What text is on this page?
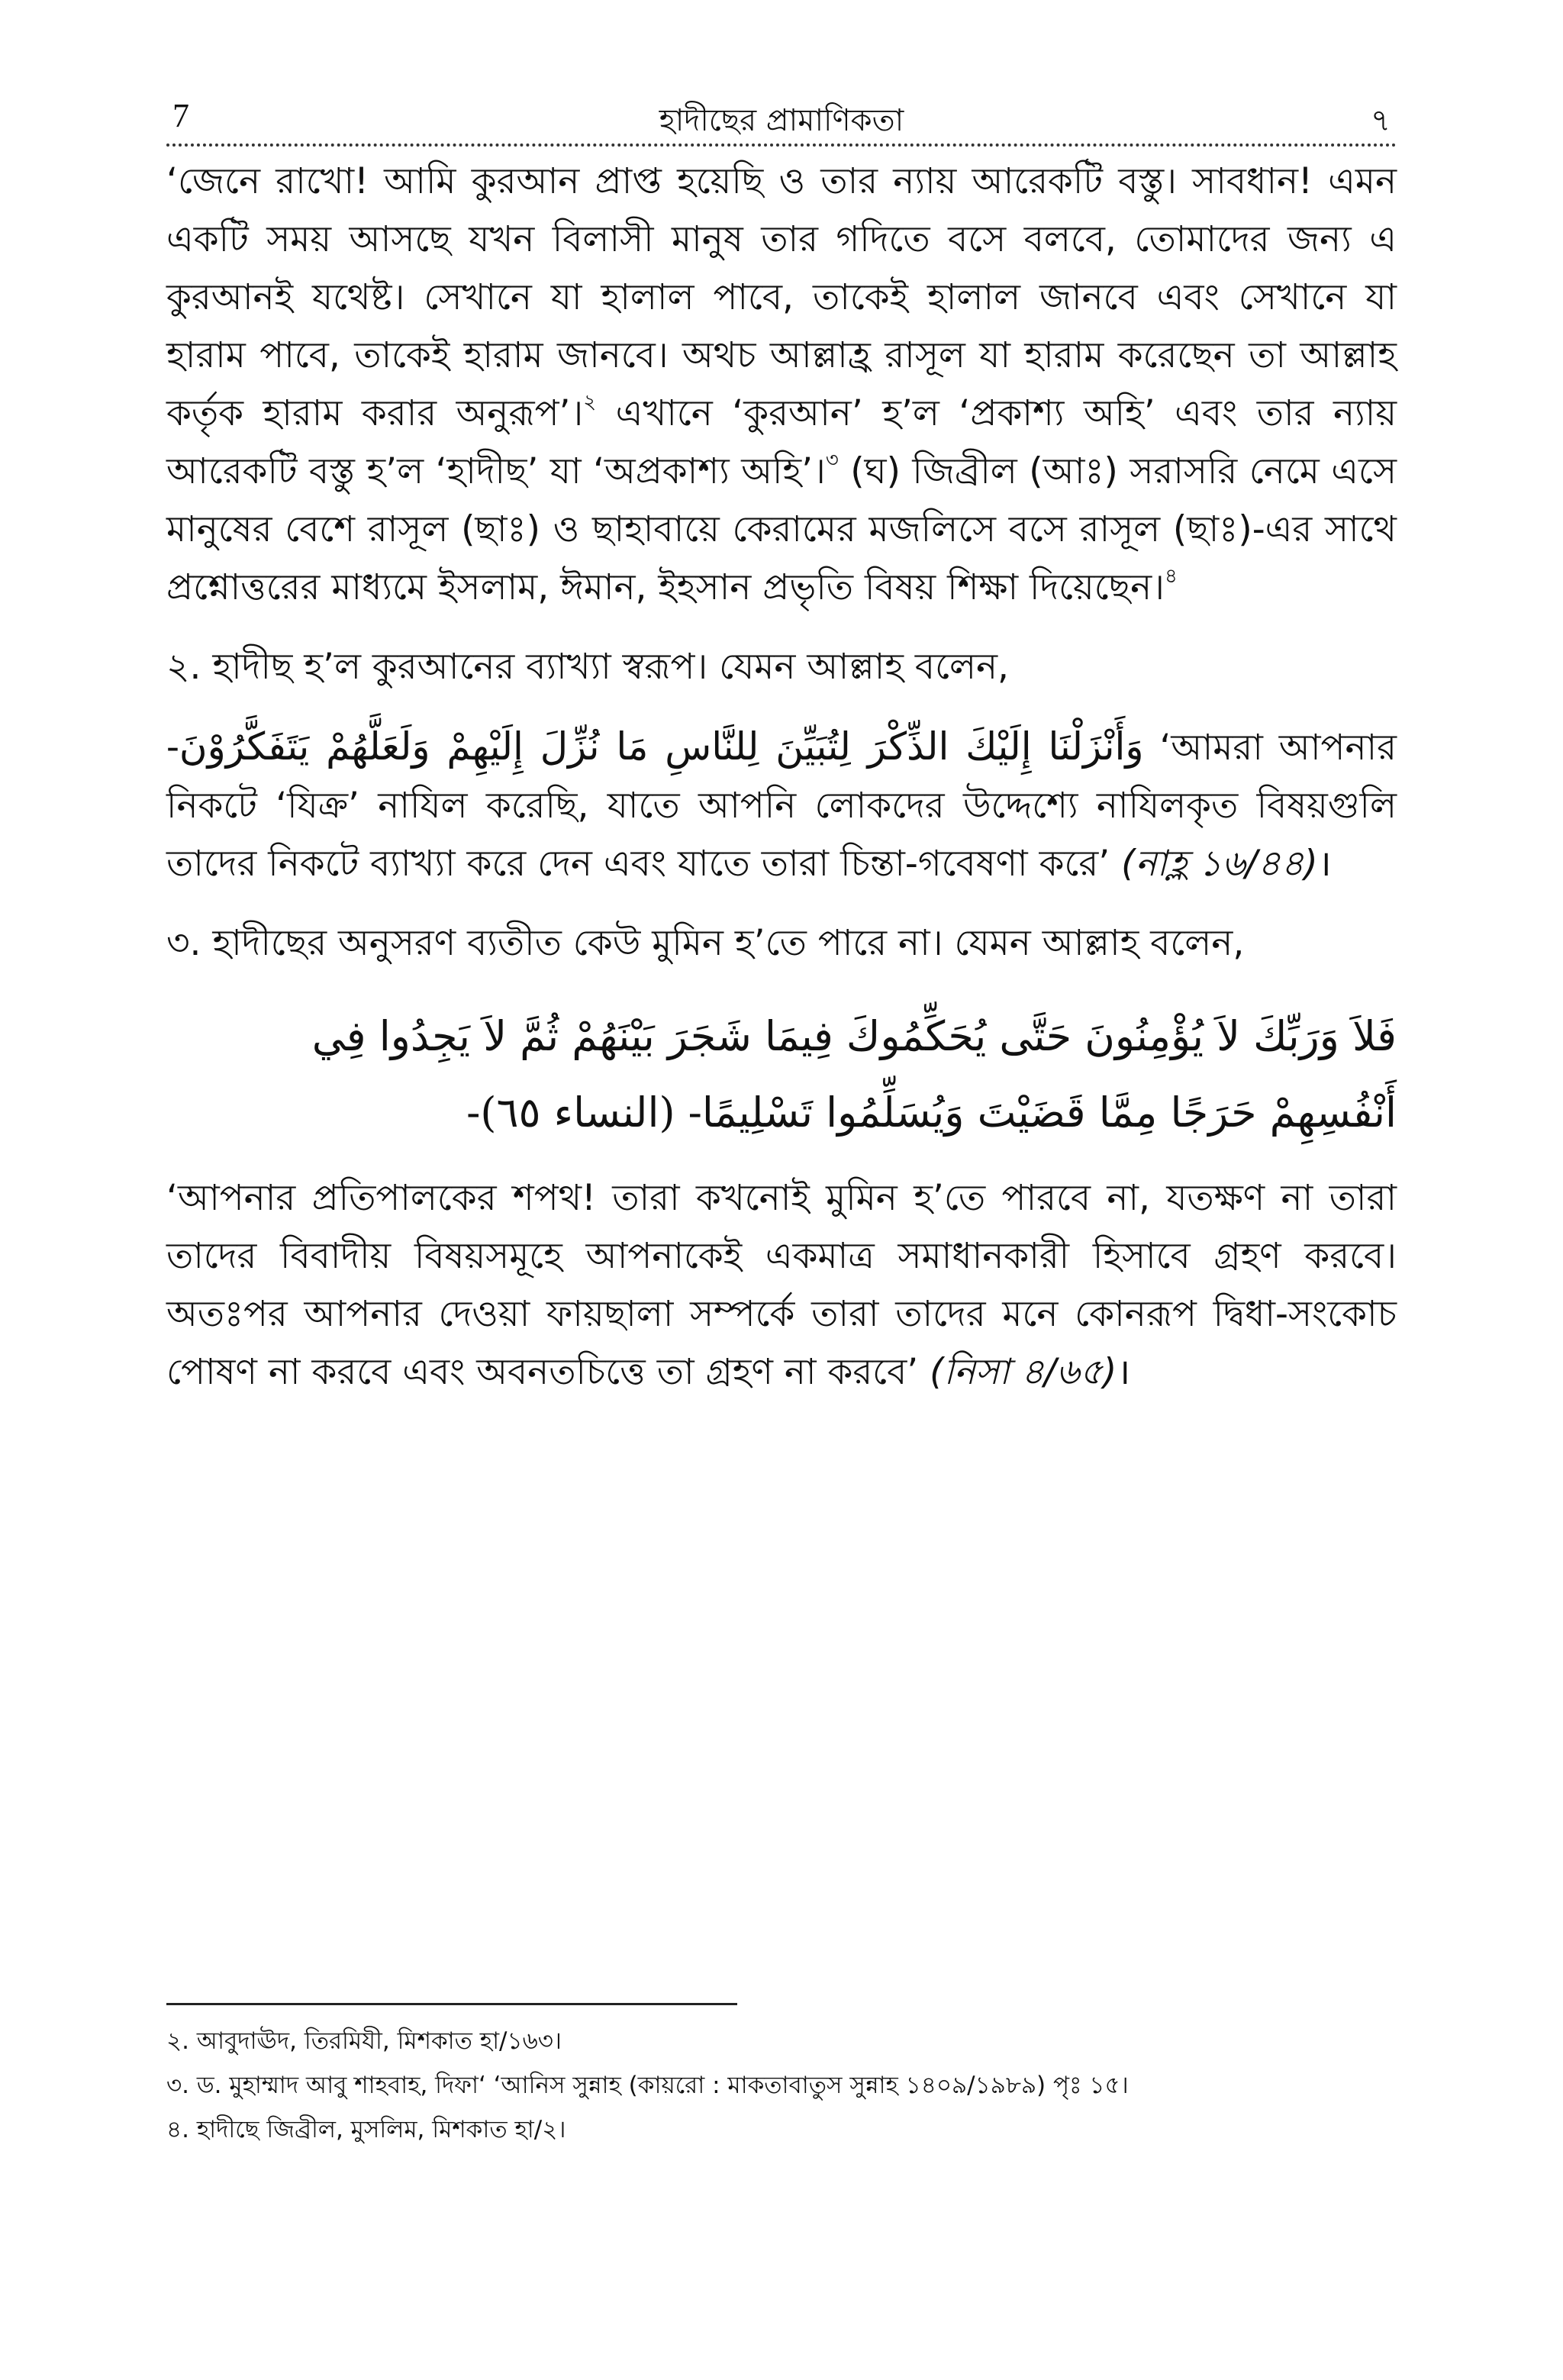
7	হাদীছের প্রামাণিকতা	৭

‘জেনে রাখো! আমি কুরআন প্রাপ্ত হয়েছি ও তার ন্যায় আরেকটি বস্তু। সাবধান! এমন একটি সময় আসছে যখন বিলাসী মানুষ তার গদিতে বসে বলবে, তোমাদের জন্য এ কুরআনই যথেষ্ট। সেখানে যা হালাল পাবে, তাকেই হালাল জানবে এবং সেখানে যা হারাম পাবে, তাকেই হারাম জানবে। অথচ আল্লাহ্র রাসূল যা হারাম করেছেন তা আল্লাহ কর্তৃক হারাম করার অনুরূপ’।$^২$ এখানে ‘কুরআন’ হ’ল ‘প্রকাশ্য অহি’ এবং তার ন্যায় আরেকটি বস্তু হ’ল ‘হাদীছ’ যা ‘অপ্রকাশ্য অহি’।$^৩$ (ঘ) জিব্রীল (আঃ) সরাসরি নেমে এসে মানুষের বেশে রাসূল (ছাঃ) ও ছাহাবায়ে কেরামের মজলিসে বসে রাসূল (ছাঃ)-এর সাথে প্রশ্নোত্তরের মাধ্যমে ইসলাম, ঈমান, ইহসান প্রভৃতি বিষয় শিক্ষা দিয়েছেন।$^৪$

২. হাদীছ হ’ল কুরআনের ব্যাখ্যা স্বরূপ। যেমন আল্লাহ বলেন,

وَأَنْزَلْنَا إِلَيْكَ الذِّكْرَ لِتُبَيِّنَ لِلنَّاسِ مَا نُزِّلَ إِلَيْهِمْ وَلَعَلَّهُمْ يَتَفَكَّرُوْنَ- ‘আমরা আপনার নিকটে ‘যিক্র’ নাযিল করেছি, যাতে আপনি লোকদের উদ্দেশ্যে নাযিলকৃত বিষয়গুলি তাদের নিকটে ব্যাখ্যা করে দেন এবং যাতে তারা চিন্তা-গবেষণা করে’ (নাহ্ল ১৬/৪৪)।

৩. হাদীছের অনুসরণ ব্যতীত কেউ মুমিন হ’তে পারে না। যেমন আল্লাহ বলেন,

فَلاَ وَرَبِّكَ لاَ يُؤْمِنُونَ حَتَّى يُحَكِّمُوكَ فِيمَا شَجَرَ بَيْنَهُمْ ثُمَّ لاَ يَجِدُوا فِي
أَنْفُسِهِمْ حَرَجًا مِمَّا قَضَيْتَ وَيُسَلِّمُوا تَسْلِيمًا- (النساء ٦٥)-

‘আপনার প্রতিপালকের শপথ! তারা কখনোই মুমিন হ’তে পারবে না, যতক্ষণ না তারা তাদের বিবাদীয় বিষয়সমূহে আপনাকেই একমাত্র সমাধানকারী হিসাবে গ্রহণ করবে। অতঃপর আপনার দেওয়া ফায়ছালা সম্পর্কে তারা তাদের মনে কোনরূপ দ্বিধা-সংকোচ পোষণ না করবে এবং অবনতচিত্তে তা গ্রহণ না করবে’ (নিসা ৪/৬৫)।

২. আবুদাঊদ, তিরমিযী, মিশকাত হা/১৬৩।
৩. ড. মুহাম্মাদ আবু শাহবাহ, দিফা‘ ‘আনিস সুন্নাহ (কায়রো : মাকতাবাতুস সুন্নাহ ১৪০৯/১৯৮৯) পৃঃ ১৫।
৪. হাদীছে জিব্রীল, মুসলিম, মিশকাত হা/২।
